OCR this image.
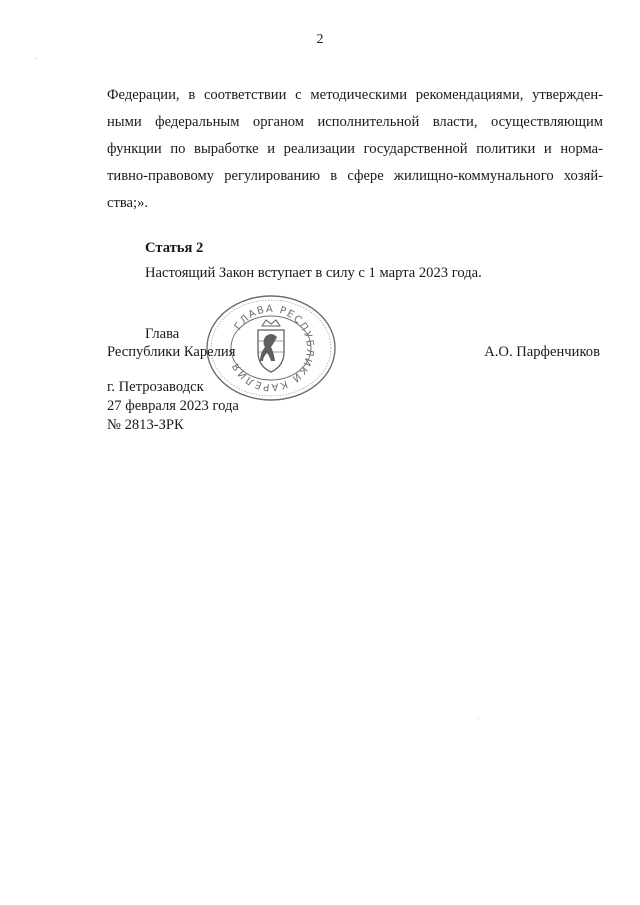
2
Федерации, в соответствии с методическими рекомендациями, утвержден-
ными федеральным органом исполнительной власти, осуществляющим
функции по выработке и реализации государственной политики и норма-
тивно-правовому регулированию в сфере жилищно-коммунального хозяй-
ства;».
Статья 2
Настоящий Закон вступает в силу с 1 марта 2023 года.
ГЛАВА РЕСПУБЛИКИ КАРЕЛИЯ
Глава
Республики Карелия	А.О. Парфенчиков
г. Петрозаводск
27 февраля 2023 года
№ 2813-ЗРК
